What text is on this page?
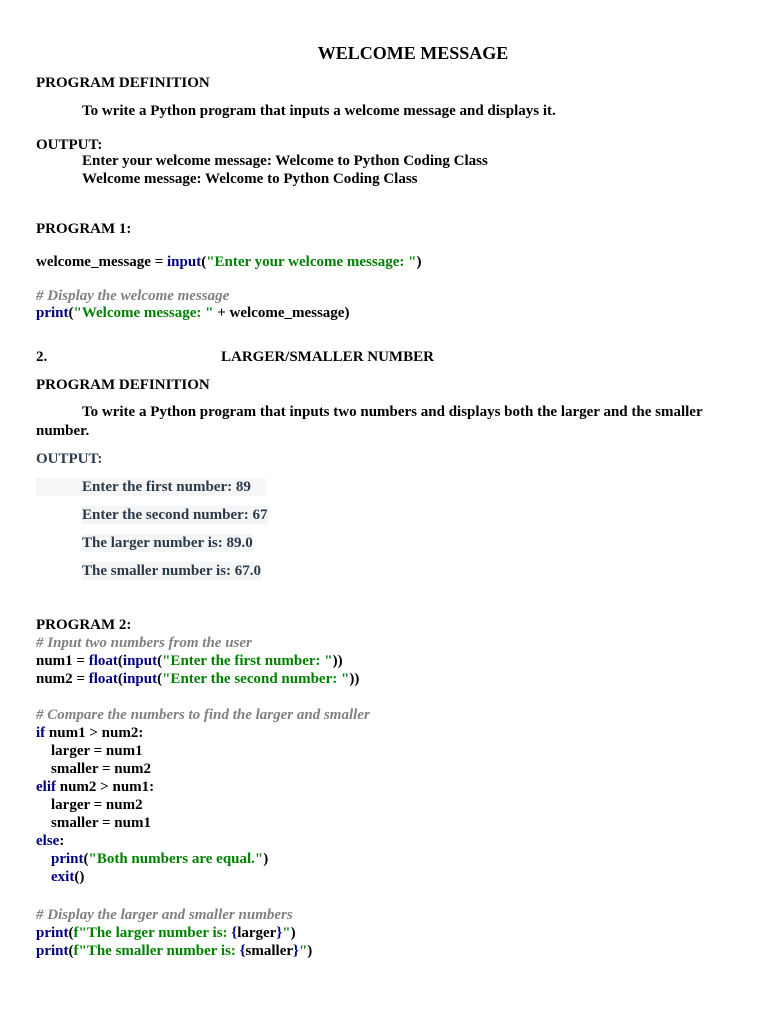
WELCOME MESSAGE
PROGRAM DEFINITION
To write a Python program that inputs a welcome message and displays it.
OUTPUT:
Enter your welcome message: Welcome to Python Coding Class
Welcome message: Welcome to Python Coding Class
PROGRAM 1:
welcome_message = input("Enter your welcome message: ")
# Display the welcome message
print("Welcome message: " + welcome_message)
2.	LARGER/SMALLER NUMBER
PROGRAM DEFINITION
To write a Python program that inputs two numbers and displays both the larger and the smaller number.
OUTPUT:
Enter the first number: 89
Enter the second number: 67
The larger number is: 89.0
The smaller number is: 67.0
PROGRAM 2:
# Input two numbers from the user
num1 = float(input("Enter the first number: "))
num2 = float(input("Enter the second number: "))
# Compare the numbers to find the larger and smaller
if num1 > num2:
larger = num1
smaller = num2
elif num2 > num1:
larger = num2
smaller = num1
else:
print("Both numbers are equal.")
exit()
# Display the larger and smaller numbers
print(f"The larger number is: {larger}")
print(f"The smaller number is: {smaller}")
